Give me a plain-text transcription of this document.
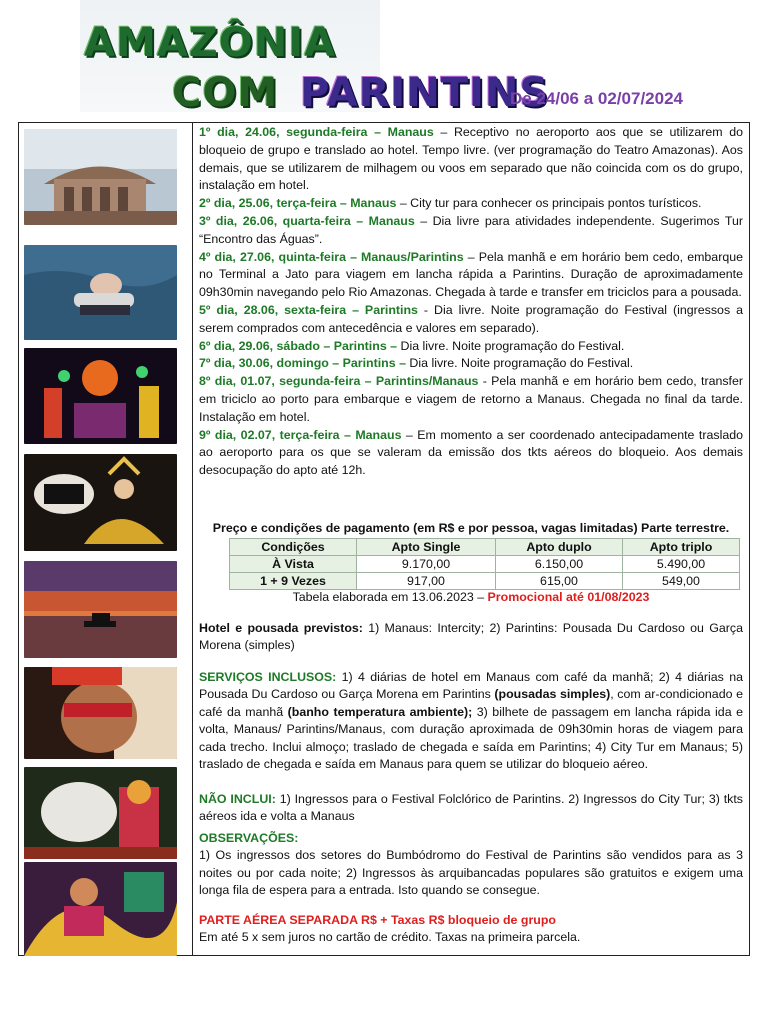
AMAZÔNIA
COM PARINTINS
De 24/06 a 02/07/2024

1º dia, 24.06, segunda-feira – Manaus – Receptivo no aeroporto aos que se utilizarem do bloqueio de grupo e translado ao hotel. Tempo livre. (ver programação do Teatro Amazonas). Aos demais, que se utilizarem de milhagem ou voos em separado que não coincida com os do grupo, instalação em hotel.

2º dia, 25.06, terça-feira – Manaus – City tur para conhecer os principais pontos turísticos.

3º dia, 26.06, quarta-feira – Manaus – Dia livre para atividades independente. Sugerimos Tur “Encontro das Águas”.

4º dia, 27.06, quinta-feira – Manaus/Parintins – Pela manhã e em horário bem cedo, embarque no Terminal a Jato para viagem em lancha rápida a Parintins. Duração de aproximadamente 09h30min navegando pelo Rio Amazonas. Chegada à tarde e transfer em triciclos para a pousada.

5º dia, 28.06, sexta-feira – Parintins - Dia livre. Noite programação do Festival (ingressos a serem comprados com antecedência e valores em separado).

6º dia, 29.06, sábado – Parintins – Dia livre. Noite programação do Festival.

7º dia, 30.06, domingo – Parintins – Dia livre. Noite programação do Festival.

8º dia, 01.07, segunda-feira – Parintins/Manaus - Pela manhã e em horário bem cedo, transfer em triciclo ao porto para embarque e viagem de retorno a Manaus. Chegada no final da tarde. Instalação em hotel.

9º dia, 02.07, terça-feira – Manaus – Em momento a ser coordenado antecipadamente traslado ao aeroporto para os que se valeram da emissão dos tkts aéreos do bloqueio. Aos demais desocupação do apto até 12h.

Preço e condições de pagamento (em R$ e por pessoa, vagas limitadas) Parte terrestre.
Condições	Apto Single	Apto duplo	Apto triplo
À Vista	9.170,00	6.150,00	5.490,00
1 + 9 Vezes	917,00	615,00	549,00
Tabela elaborada em 13.06.2023 – Promocional até 01/08/2023
Hotel e pousada previstos: 1) Manaus: Intercity; 2) Parintins: Pousada Du Cardoso ou Garça Morena (simples)
SERVIÇOS INCLUSOS: 1) 4 diárias de hotel em Manaus com café da manhã; 2) 4 diárias na Pousada Du Cardoso ou Garça Morena em Parintins (pousadas simples), com ar-condicionado e café da manhã (banho temperatura ambiente); 3) bilhete de passagem em lancha rápida ida e volta, Manaus/ Parintins/Manaus, com duração aproximada de 09h30min horas de viagem para cada trecho. Inclui almoço; traslado de chegada e saída em Parintins; 4) City Tur em Manaus; 5) traslado de chegada e saída em Manaus para quem se utilizar do bloqueio aéreo.
NÃO INCLUI: 1) Ingressos para o Festival Folclórico de Parintins. 2) Ingressos do City Tur; 3) tkts aéreos ida e volta a Manaus
OBSERVAÇÕES:
1) Os ingressos dos setores do Bumbódromo do Festival de Parintins são vendidos para as 3 noites ou por cada noite; 2) Ingressos às arquibancadas populares são gratuitos e exigem uma longa fila de espera para a entrada. Isto quando se consegue.
PARTE AÉREA SEPARADA R$ + Taxas R$ bloqueio de grupo
Em até 5 x sem juros no cartão de crédito. Taxas na primeira parcela.
